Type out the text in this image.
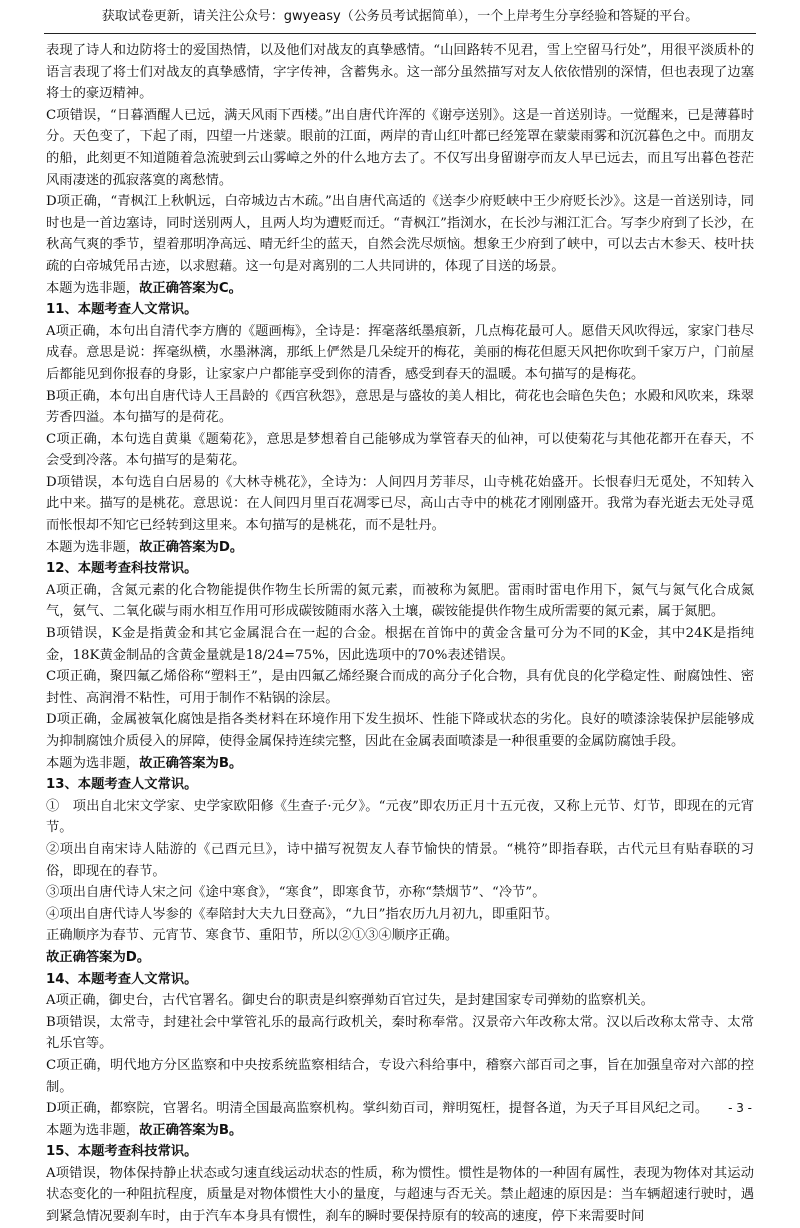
获取试卷更新，请关注公众号：gwyeasy（公务员考试据简单），一个上岸考生分享经验和答疑的平台。

表现了诗人和边防将士的爱国热情，以及他们对战友的真挚感情。“山回路转不见君，雪上空留马行处”，用很平淡质朴的语言表现了将士们对战友的真挚感情，字字传神，含蓄隽永。这一部分虽然描写对友人依依惜别的深情，但也表现了边塞将士的豪迈精神。

C项错误，“日暮酒醒人已远，满天风雨下西楼。”出自唐代许浑的《谢亭送别》。这是一首送别诗。一觉醒来，已是薄暮时分。天色变了，下起了雨，四望一片迷蒙。眼前的江面，两岸的青山红叶都已经笼罩在蒙蒙雨雾和沉沉暮色之中。而朋友的船，此刻更不知道随着急流驶到云山雾嶂之外的什么地方去了。不仅写出身留谢亭而友人早已远去，而且写出暮色苍茫风雨凄迷的孤寂落寞的离愁情。

D项正确，“青枫江上秋帆远，白帝城边古木疏。”出自唐代高适的《送李少府贬峡中王少府贬长沙》。这是一首送别诗，同时也是一首边塞诗，同时送别两人，且两人均为遭贬而迁。“青枫江”指浏水，在长沙与湘江汇合。写李少府到了长沙，在秋高气爽的季节，望着那明净高远、晴无纤尘的蓝天，自然会洗尽烦恼。想象王少府到了峡中，可以去古木参天、枝叶扶疏的白帝城凭吊古迹，以求慰藉。这一句是对离别的二人共同讲的，体现了目送的场景。

本题为选非题，故正确答案为C。

11、本题考查人文常识。

A项正确，本句出自清代李方膺的《题画梅》，全诗是：挥毫落纸墨痕新，几点梅花最可人。愿借天风吹得远，家家门巷尽成春。意思是说：挥毫纵横，水墨淋漓，那纸上俨然是几朵绽开的梅花，美丽的梅花但愿天风把你吹到千家万户，门前屋后都能见到你报春的身影，让家家户户都能享受到你的清香，感受到春天的温暖。本句描写的是梅花。

B项正确，本句出自唐代诗人王昌龄的《西宫秋怨》，意思是与盛妆的美人相比，荷花也会暗色失色；水殿和风吹来，珠翠芳香四溢。本句描写的是荷花。

C项正确，本句选自黄巢《题菊花》，意思是梦想着自己能够成为掌管春天的仙神，可以使菊花与其他花都开在春天，不会受到冷落。本句描写的是菊花。

D项错误，本句选自白居易的《大林寺桃花》，全诗为：人间四月芳菲尽，山寺桃花始盛开。长恨春归无觅处，不知转入此中来。描写的是桃花。意思说：在人间四月里百花凋零已尽，高山古寺中的桃花才刚刚盛开。我常为春光逝去无处寻觅而怅恨却不知它已经转到这里来。本句描写的是桃花，而不是牡丹。

本题为选非题，故正确答案为D。

12、本题考查科技常识。

A项正确，含氮元素的化合物能提供作物生长所需的氮元素，而被称为氮肥。雷雨时雷电作用下，氮气与氮气化合成氮气，氨气、二氧化碳与雨水相互作用可形成碳铵随雨水落入土壤，碳铵能提供作物生成所需要的氮元素，属于氮肥。

B项错误，K金是指黄金和其它金属混合在一起的合金。根据在首饰中的黄金含量可分为不同的K金，其中24K是指纯金，18K黄金制品的含黄金量就是18/24=75%，因此选项中的70%表述错误。

C项正确，聚四氟乙烯俗称“塑料王”，是由四氟乙烯经聚合而成的高分子化合物，具有优良的化学稳定性、耐腐蚀性、密封性、高润滑不粘性，可用于制作不粘锅的涂层。

D项正确，金属被氧化腐蚀是指各类材料在环境作用下发生损坏、性能下降或状态的劣化。良好的喷漆涂装保护层能够成为抑制腐蚀介质侵入的屏障，使得金属保持连续完整，因此在金属表面喷漆是一种很重要的金属防腐蚀手段。

本题为选非题，故正确答案为B。

13、本题考查人文常识。

①　项出自北宋文学家、史学家欧阳修《生查子·元夕》。“元夜”即农历正月十五元夜，又称上元节、灯节，即现在的元宵节。

②项出自南宋诗人陆游的《己酉元旦》，诗中描写祝贺友人春节愉快的情景。“桃符”即指春联，古代元旦有贴春联的习俗，即现在的春节。

③项出自唐代诗人宋之问《途中寒食》，“寒食”，即寒食节，亦称“禁烟节”、“冷节”。

④项出自唐代诗人岑参的《奉陪封大夫九日登高》，“九日”指农历九月初九，即重阳节。

正确顺序为春节、元宵节、寒食节、重阳节，所以②①③④顺序正确。

故正确答案为D。

14、本题考查人文常识。

A项正确，御史台，古代官署名。御史台的职责是纠察弹劾百官过失，是封建国家专司弹劾的监察机关。

B项错误，太常寺，封建社会中掌管礼乐的最高行政机关，秦时称奉常。汉景帝六年改称太常。汉以后改称太常寺、太常礼乐官等。

C项正确，明代地方分区监察和中央按系统监察相结合，专设六科给事中，稽察六部百司之事，旨在加强皇帝对六部的控制。

D项正确，都察院，官署名。明清全国最高监察机构。掌纠劾百司，辩明冤枉，提督各道，为天子耳目风纪之司。

本题为选非题，故正确答案为B。

15、本题考查科技常识。

A项错误，物体保持静止状态或匀速直线运动状态的性质，称为惯性。惯性是物体的一种固有属性，表现为物体对其运动状态变化的一种阻抗程度，质量是对物体惯性大小的量度，与超速与否无关。禁止超速的原因是：当车辆超速行驶时，遇到紧急情况要刹车时，由于汽车本身具有惯性，刹车的瞬时要保持原有的较高的速度，停下来需要时间

- 3 -
